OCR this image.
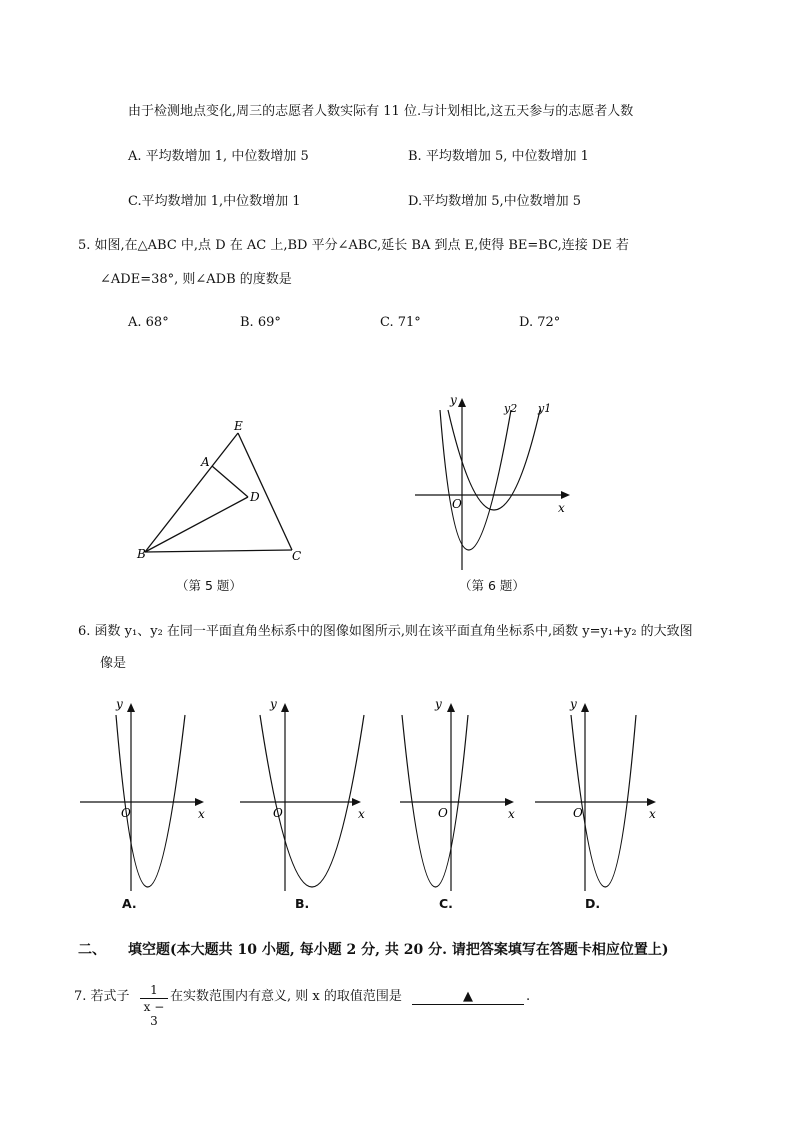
由于检测地点变化,周三的志愿者人数实际有 11 位.与计划相比,这五天参与的志愿者人数
A. 平均数增加 1, 中位数增加 5	B. 平均数增加 5, 中位数增加 1
C.平均数增加 1,中位数增加 1	D.平均数增加 5,中位数增加 5
5. 如图,在△ABC 中,点 D 在 AC 上,BD 平分∠ABC,延长 BA 到点 E,使得 BE=BC,连接 DE 若
∠ADE=38°, 则∠ADB 的度数是
A. 68°	B. 69°	C. 71°	D. 72°
E
A
D
B	C
（第 5 题）
y
x
O
y2 y1
（第 6 题）
6. 函数 y₁、y₂ 在同一平面直角坐标系中的图像如图所示,则在该平面直角坐标系中,函数 y=y₁+y₂ 的大致图
像是
y
x
O
y
x
O
y
x
O
y
x
O
A.	B.	C.	D.
二、 填空题(本大题共 10 小题, 每小题 2 分, 共 20 分. 请把答案填写在答题卡相应位置上)
7. 若式子	1
x − 3
在实数范围内有意义, 则 x 的取值范围是	▲	.
